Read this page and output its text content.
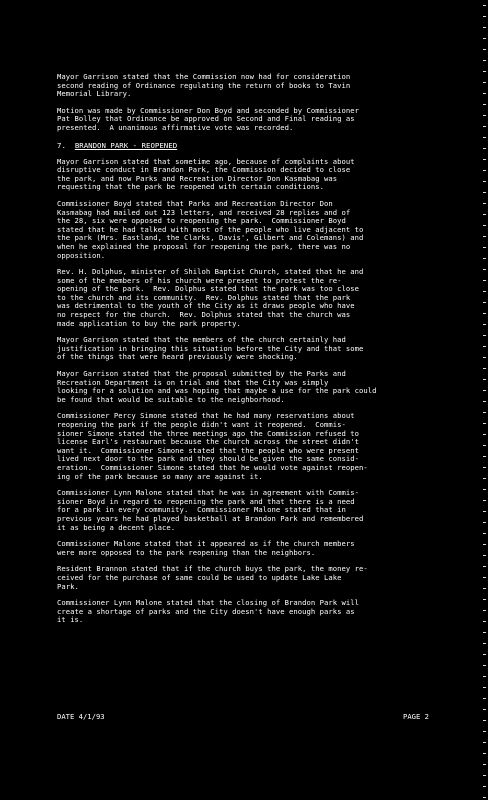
Mayor Garrison stated that the Commission now had for consideration
second reading of Ordinance regulating the return of books to Tavin
Memorial Library.

Motion was made by Commissioner Don Boyd and seconded by Commissioner
Pat Bolley that Ordinance be approved on Second and Final reading as
presented.  A unanimous affirmative vote was recorded.

7. BRANDON PARK - REOPENED

Mayor Garrison stated that sometime ago, because of complaints about
disruptive conduct in Brandon Park, the Commission decided to close
the park, and now Parks and Recreation Director Don Kasmabag was
requesting that the park be reopened with certain conditions.

Commissioner Boyd stated that Parks and Recreation Director Don
Kasmabag had mailed out 123 letters, and received 28 replies and of
the 28, six were opposed to reopening the park.  Commissioner Boyd
stated that he had talked with most of the people who live adjacent to
the park (Mrs. Eastland, the Clarks, Davis', Gilbert and Colemans) and
when he explained the proposal for reopening the park, there was no
opposition.

Rev. H. Dolphus, minister of Shiloh Baptist Church, stated that he and
some of the members of his church were present to protest the re-
opening of the park.  Rev. Dolphus stated that the park was too close
to the church and its community.  Rev. Dolphus stated that the park
was detrimental to the youth of the City as it draws people who have
no respect for the church.  Rev. Dolphus stated that the church was
made application to buy the park property.

Mayor Garrison stated that the members of the church certainly had
justification in bringing this situation before the City and that some
of the things that were heard previously were shocking.

Mayor Garrison stated that the proposal submitted by the Parks and
Recreation Department is on trial and that the City was simply
looking for a solution and was hoping that maybe a use for the park could
be found that would be suitable to the neighborhood.

Commissioner Percy Simone stated that he had many reservations about
reopening the park if the people didn't want it reopened.  Commis-
sioner Simone stated the three meetings ago the Commission refused to
license Earl's restaurant because the church across the street didn't
want it.  Commissioner Simone stated that the people who were present
lived next door to the park and they should be given the same consid-
eration.  Commissioner Simone stated that he would vote against reopen-
ing of the park because so many are against it.

Commissioner Lynn Malone stated that he was in agreement with Commis-
sioner Boyd in regard to reopening the park and that there is a need
for a park in every community.  Commissioner Malone stated that in
previous years he had played basketball at Brandon Park and remembered
it as being a decent place.

Commissioner Malone stated that it appeared as if the church members
were more opposed to the park reopening than the neighbors.

Resident Brannon stated that if the church buys the park, the money re-
ceived for the purchase of same could be used to update Lake Lake
Park.

Commissioner Lynn Malone stated that the closing of Brandon Park will
create a shortage of parks and the City doesn't have enough parks as
it is.

DATE 4/1/93	PAGE 2
